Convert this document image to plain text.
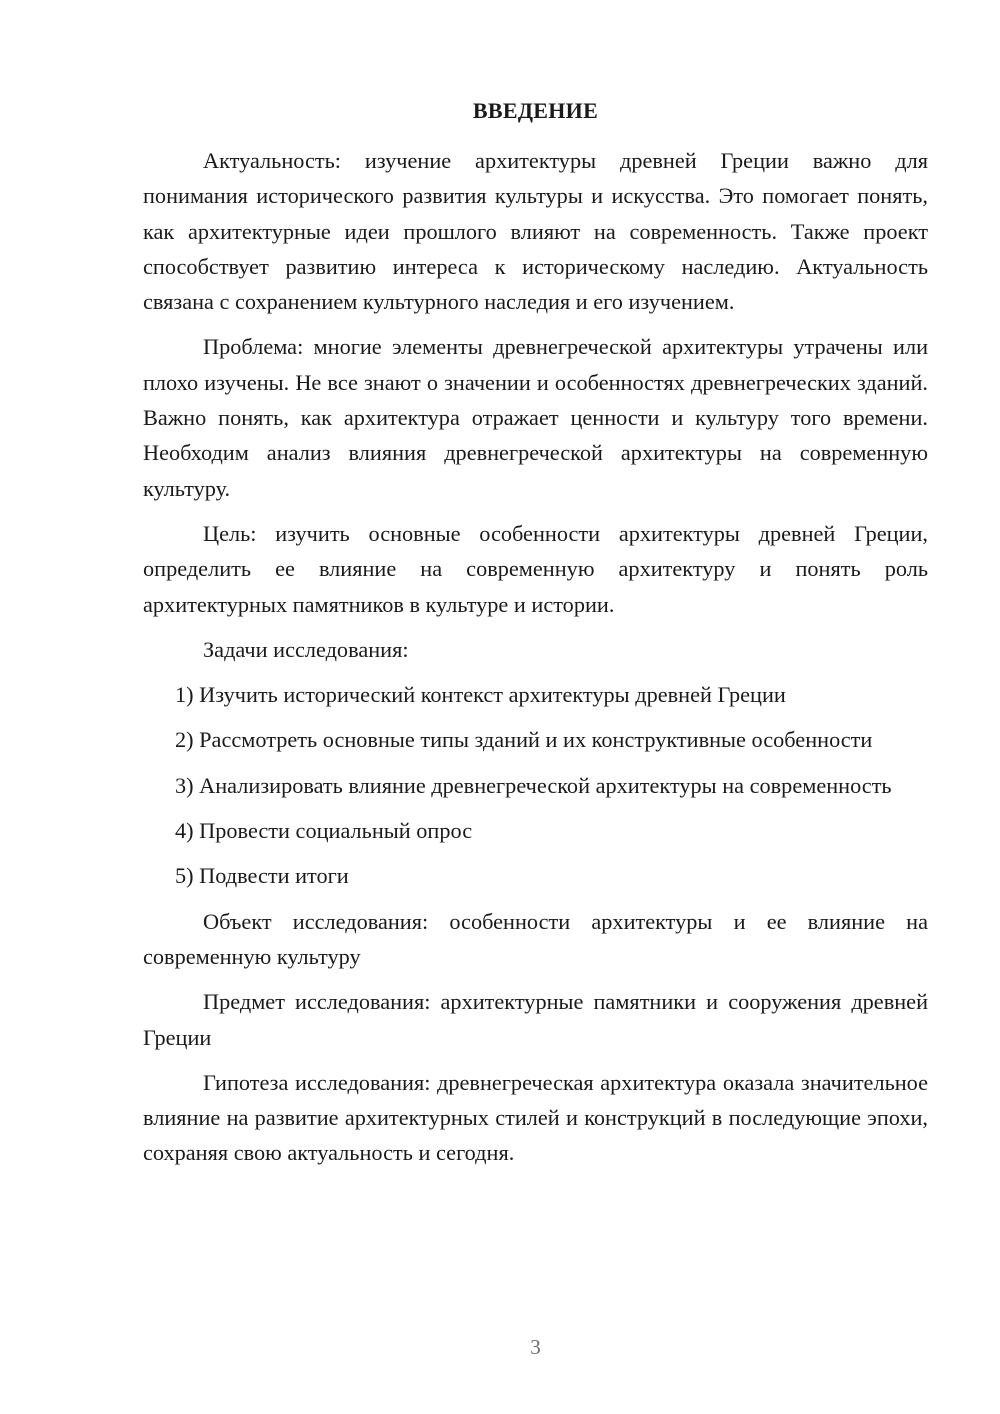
ВВЕДЕНИЕ

Актуальность: изучение архитектуры древней Греции важно для понимания исторического развития культуры и искусства. Это помогает понять, как архитектурные идеи прошлого влияют на современность. Также проект способствует развитию интереса к историческому наследию. Актуальность связана с сохранением культурного наследия и его изучением.

Проблема: многие элементы древнегреческой архитектуры утрачены или плохо изучены. Не все знают о значении и особенностях древнегреческих зданий. Важно понять, как архитектура отражает ценности и культуру того времени. Необходим анализ влияния древнегреческой архитектуры на современную культуру.

Цель: изучить основные особенности архитектуры древней Греции, определить ее влияние на современную архитектуру и понять роль архитектурных памятников в культуре и истории.

Задачи исследования:

1) Изучить исторический контекст архитектуры древней Греции

2) Рассмотреть основные типы зданий и их конструктивные особенности

3) Анализировать влияние древнегреческой архитектуры на современность

4) Провести социальный опрос

5) Подвести итоги

Объект исследования: особенности архитектуры и ее влияние на современную культуру

Предмет исследования: архитектурные памятники и сооружения древней Греции

Гипотеза исследования: древнегреческая архитектура оказала значительное влияние на развитие архитектурных стилей и конструкций в последующие эпохи, сохраняя свою актуальность и сегодня.

3
